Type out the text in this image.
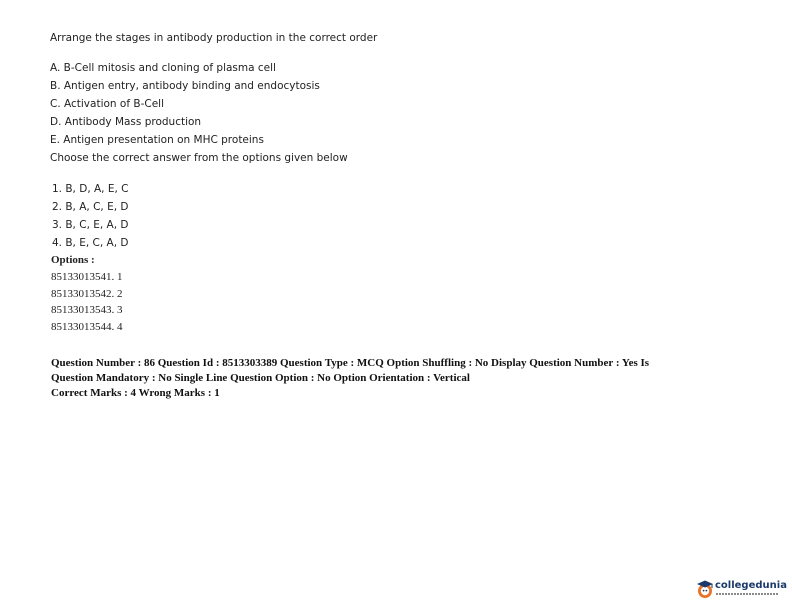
Arrange the stages in antibody production in the correct order
A. B-Cell mitosis and cloning of plasma cell
B. Antigen entry, antibody binding and endocytosis
C. Activation of B-Cell
D. Antibody Mass production
E. Antigen presentation on MHC proteins
Choose the correct answer from the options given below
1. B, D, A, E, C
2. B, A, C, E, D
3. B, C, E, A, D
4. B, E, C, A, D
Options :
85133013541. 1
85133013542. 2
85133013543. 3
85133013544. 4
Question Number : 86 Question Id : 8513303389 Question Type : MCQ Option Shuffling : No Display Question Number : Yes Is
Question Mandatory : No Single Line Question Option : No Option Orientation : Vertical
Correct Marks : 4 Wrong Marks : 1
collegedunia
